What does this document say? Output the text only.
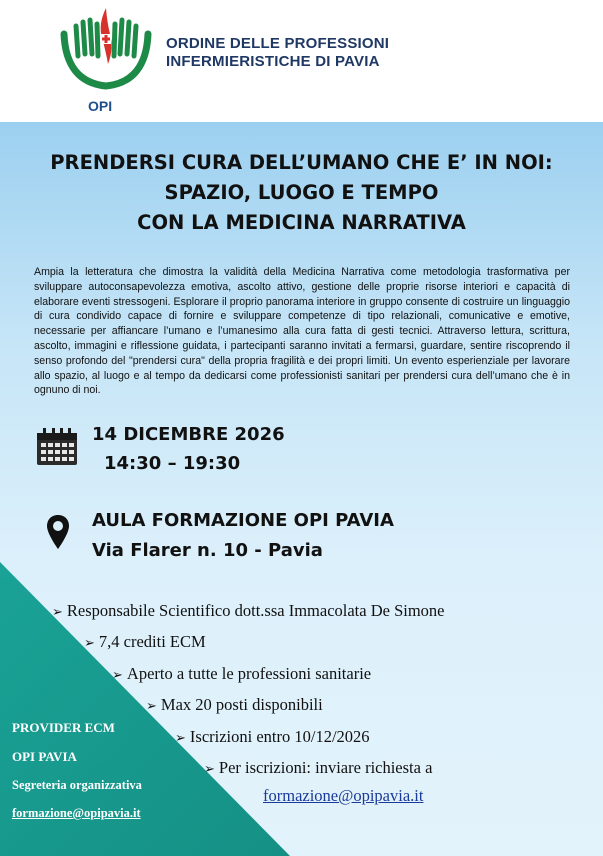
OPI
ORDINE DELLE PROFESSIONI
INFERMIERISTICHE DI PAVIA
PRENDERSI CURA DELL’UMANO CHE E’ IN NOI:
SPAZIO, LUOGO E TEMPO
CON LA MEDICINA NARRATIVA
Ampia la letteratura che dimostra la validità della Medicina Narrativa come metodologia trasformativa per sviluppare autoconsapevolezza emotiva, ascolto attivo, gestione delle proprie risorse interiori e capacità di elaborare eventi stressogeni. Esplorare il proprio panorama interiore in gruppo consente di costruire un linguaggio di cura condivido capace di fornire e sviluppare competenze di tipo relazionali, comunicative e emotive, necessarie per affiancare l’umano e l’umanesimo alla cura fatta di gesti tecnici. Attraverso lettura, scrittura, ascolto, immagini e riflessione guidata, i partecipanti saranno invitati a fermarsi, guardare, sentire riscoprendo il senso profondo del "prendersi cura" della propria fragilità e dei propri limiti. Un evento esperienziale per lavorare allo spazio, al luogo e al tempo da dedicarsi come professionisti sanitari per prendersi cura dell’umano che è in ognuno di noi.
14 DICEMBRE 2026
14:30 – 19:30
AULA FORMAZIONE OPI PAVIA
Via Flarer n. 10 - Pavia
➢ Responsabile Scientifico dott.ssa Immacolata De Simone
➢ 7,4 crediti ECM
➢ Aperto a tutte le professioni sanitarie
➢ Max 20 posti disponibili
➢ Iscrizioni entro 10/12/2026
➢ Per iscrizioni: inviare richiesta a
formazione@opipavia.it
PROVIDER ECM
OPI PAVIA
Segreteria organizzativa
formazione@opipavia.it
